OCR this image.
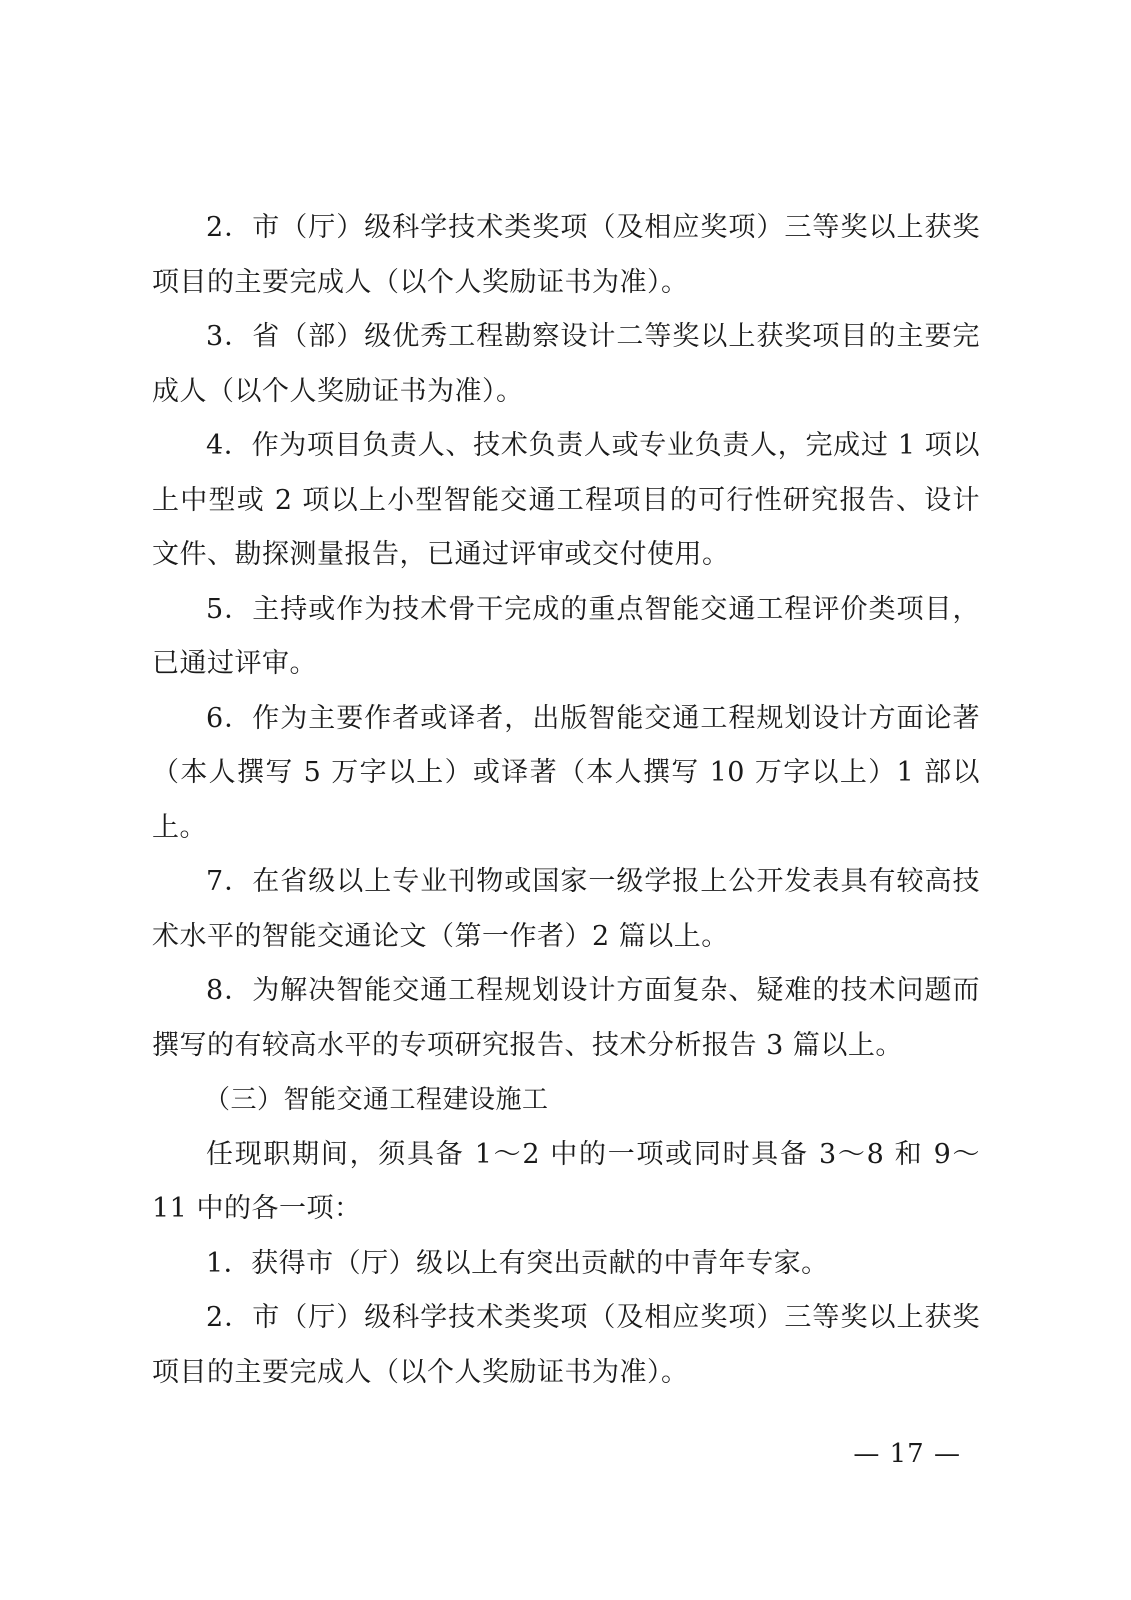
2．市（厅）级科学技术类奖项（及相应奖项）三等奖以上获奖项目的主要完成人（以个人奖励证书为准）。

3．省（部）级优秀工程勘察设计二等奖以上获奖项目的主要完成人（以个人奖励证书为准）。

4．作为项目负责人、技术负责人或专业负责人，完成过 1 项以上中型或 2 项以上小型智能交通工程项目的可行性研究报告、设计文件、勘探测量报告，已通过评审或交付使用。

5．主持或作为技术骨干完成的重点智能交通工程评价类项目，已通过评审。

6．作为主要作者或译者，出版智能交通工程规划设计方面论著（本人撰写 5 万字以上）或译著（本人撰写 10 万字以上）1 部以上。

7．在省级以上专业刊物或国家一级学报上公开发表具有较高技术水平的智能交通论文（第一作者）2 篇以上。

8．为解决智能交通工程规划设计方面复杂、疑难的技术问题而撰写的有较高水平的专项研究报告、技术分析报告 3 篇以上。

（三）智能交通工程建设施工

任现职期间，须具备 1～2 中的一项或同时具备 3～8 和 9～11 中的各一项：

1．获得市（厅）级以上有突出贡献的中青年专家。

2．市（厅）级科学技术类奖项（及相应奖项）三等奖以上获奖项目的主要完成人（以个人奖励证书为准）。

— 17 —
